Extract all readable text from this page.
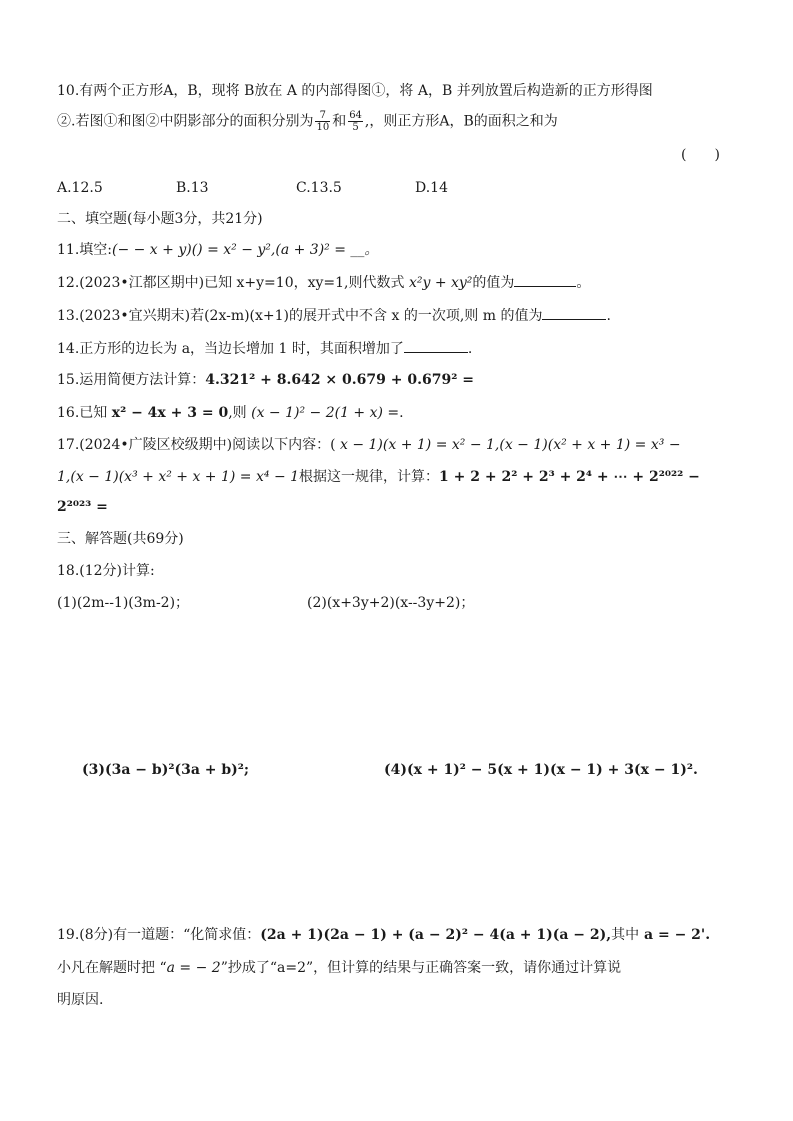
10.有两个正方形A，B，现将 B放在 A 的内部得图①，将 A，B 并列放置后构造新的正方形得图
②.若图①和图②中阴影部分的面积分别为 $\frac{7}{10}$ 和 $\frac{64}{5}$ ,，则正方形A，B的面积之和为
(　　)
A.12.5	B.13	C.13.5	D.14
二、填空题(每小题3分，共21分)
11.填空:(− − x + y)() = x² − y²,(a + 3)² = __。
12.(2023•江都区期中)已知 x+y=10，xy=1,则代数式 x²y + xy²的值为	。
13.(2023•宜兴期末)若(2x-m)(x+1)的展开式中不含 x 的一次项,则 m 的值为	.
14.正方形的边长为 a，当边长增加 1 时，其面积增加了	.
15.运用简便方法计算：4.321² + 8.642 × 0.679 + 0.679² =
16.已知 x² − 4x + 3 = 0,则 (x − 1)² − 2(1 + x) =.
17.(2024•广陵区校级期中)阅读以下内容：( x − 1)(x + 1) = x² − 1,(x − 1)(x² + x + 1) = x³ −
1,(x − 1)(x³ + x² + x + 1) = x⁴ − 1根据这一规律，计算：1 + 2 + 2² + 2³ + 2⁴ + ⋯ + 2²⁰²² −
2²⁰²³ =
三、解答题(共69分)
18.(12分)计算:
(1)(2m--1)(3m-2)；	(2)(x+3y+2)(x--3y+2)；
(3)(3a − b)²(3a + b)²;	(4)(x + 1)² − 5(x + 1)(x − 1) + 3(x − 1)².
19.(8分)有一道题：“化简求值：(2a + 1)(2a − 1) + (a − 2)² − 4(a + 1)(a − 2),其中 a = − 2'.
小凡在解题时把 “a = − 2”抄成了“a=2”，但计算的结果与正确答案一致，请你通过计算说
明原因.
